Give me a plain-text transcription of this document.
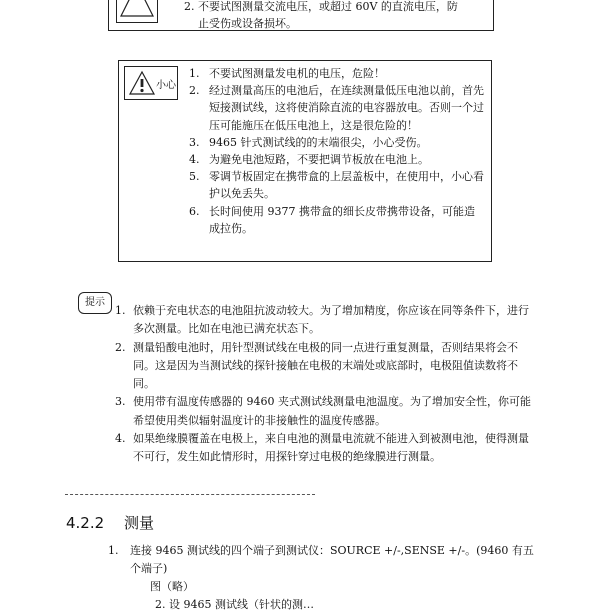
2. 不要试图测量交流电压，或超过 60V 的直流电压，防
止受伤或设备损坏。
小心
1. 不要试图测量发电机的电压，危险！
2. 经过测量高压的电池后，在连续测量低压电池以前，首先短接测试线，这将使消除直流的电容器放电。否则一个过压可能施压在低压电池上，这是很危险的！
3. 9465 针式测试线的的末端很尖，小心受伤。
4. 为避免电池短路，不要把调节板放在电池上。
5. 零调节板固定在携带盒的上层盖板中，在使用中，小心看护以免丢失。
6. 长时间使用 9377 携带盒的细长皮带携带设备，可能造成拉伤。
提示
1. 依赖于充电状态的电池阻抗波动较大。为了增加精度，你应该在同等条件下，进行多次测量。比如在电池已满充状态下。
2. 测量铅酸电池时，用针型测试线在电极的同一点进行重复测量，否则结果将会不同。这是因为当测试线的探针接触在电极的末端处或底部时，电极阻值读数将不同。
3. 使用带有温度传感器的 9460 夹式测试线测量电池温度。为了增加安全性，你可能希望使用类似辐射温度计的非接触性的温度传感器。
4. 如果绝缘膜覆盖在电极上，来自电池的测量电流就不能进入到被测电池，使得测量不可行，发生如此情形时，用探针穿过电极的绝缘膜进行测量。
4.2.2 测量
1.	连接 9465 测试线的四个端子到测试仪：SOURCE +/-,SENSE +/-。(9460 有五个端子)
图（略）
2. 设 9465 测试线（针状的测…
